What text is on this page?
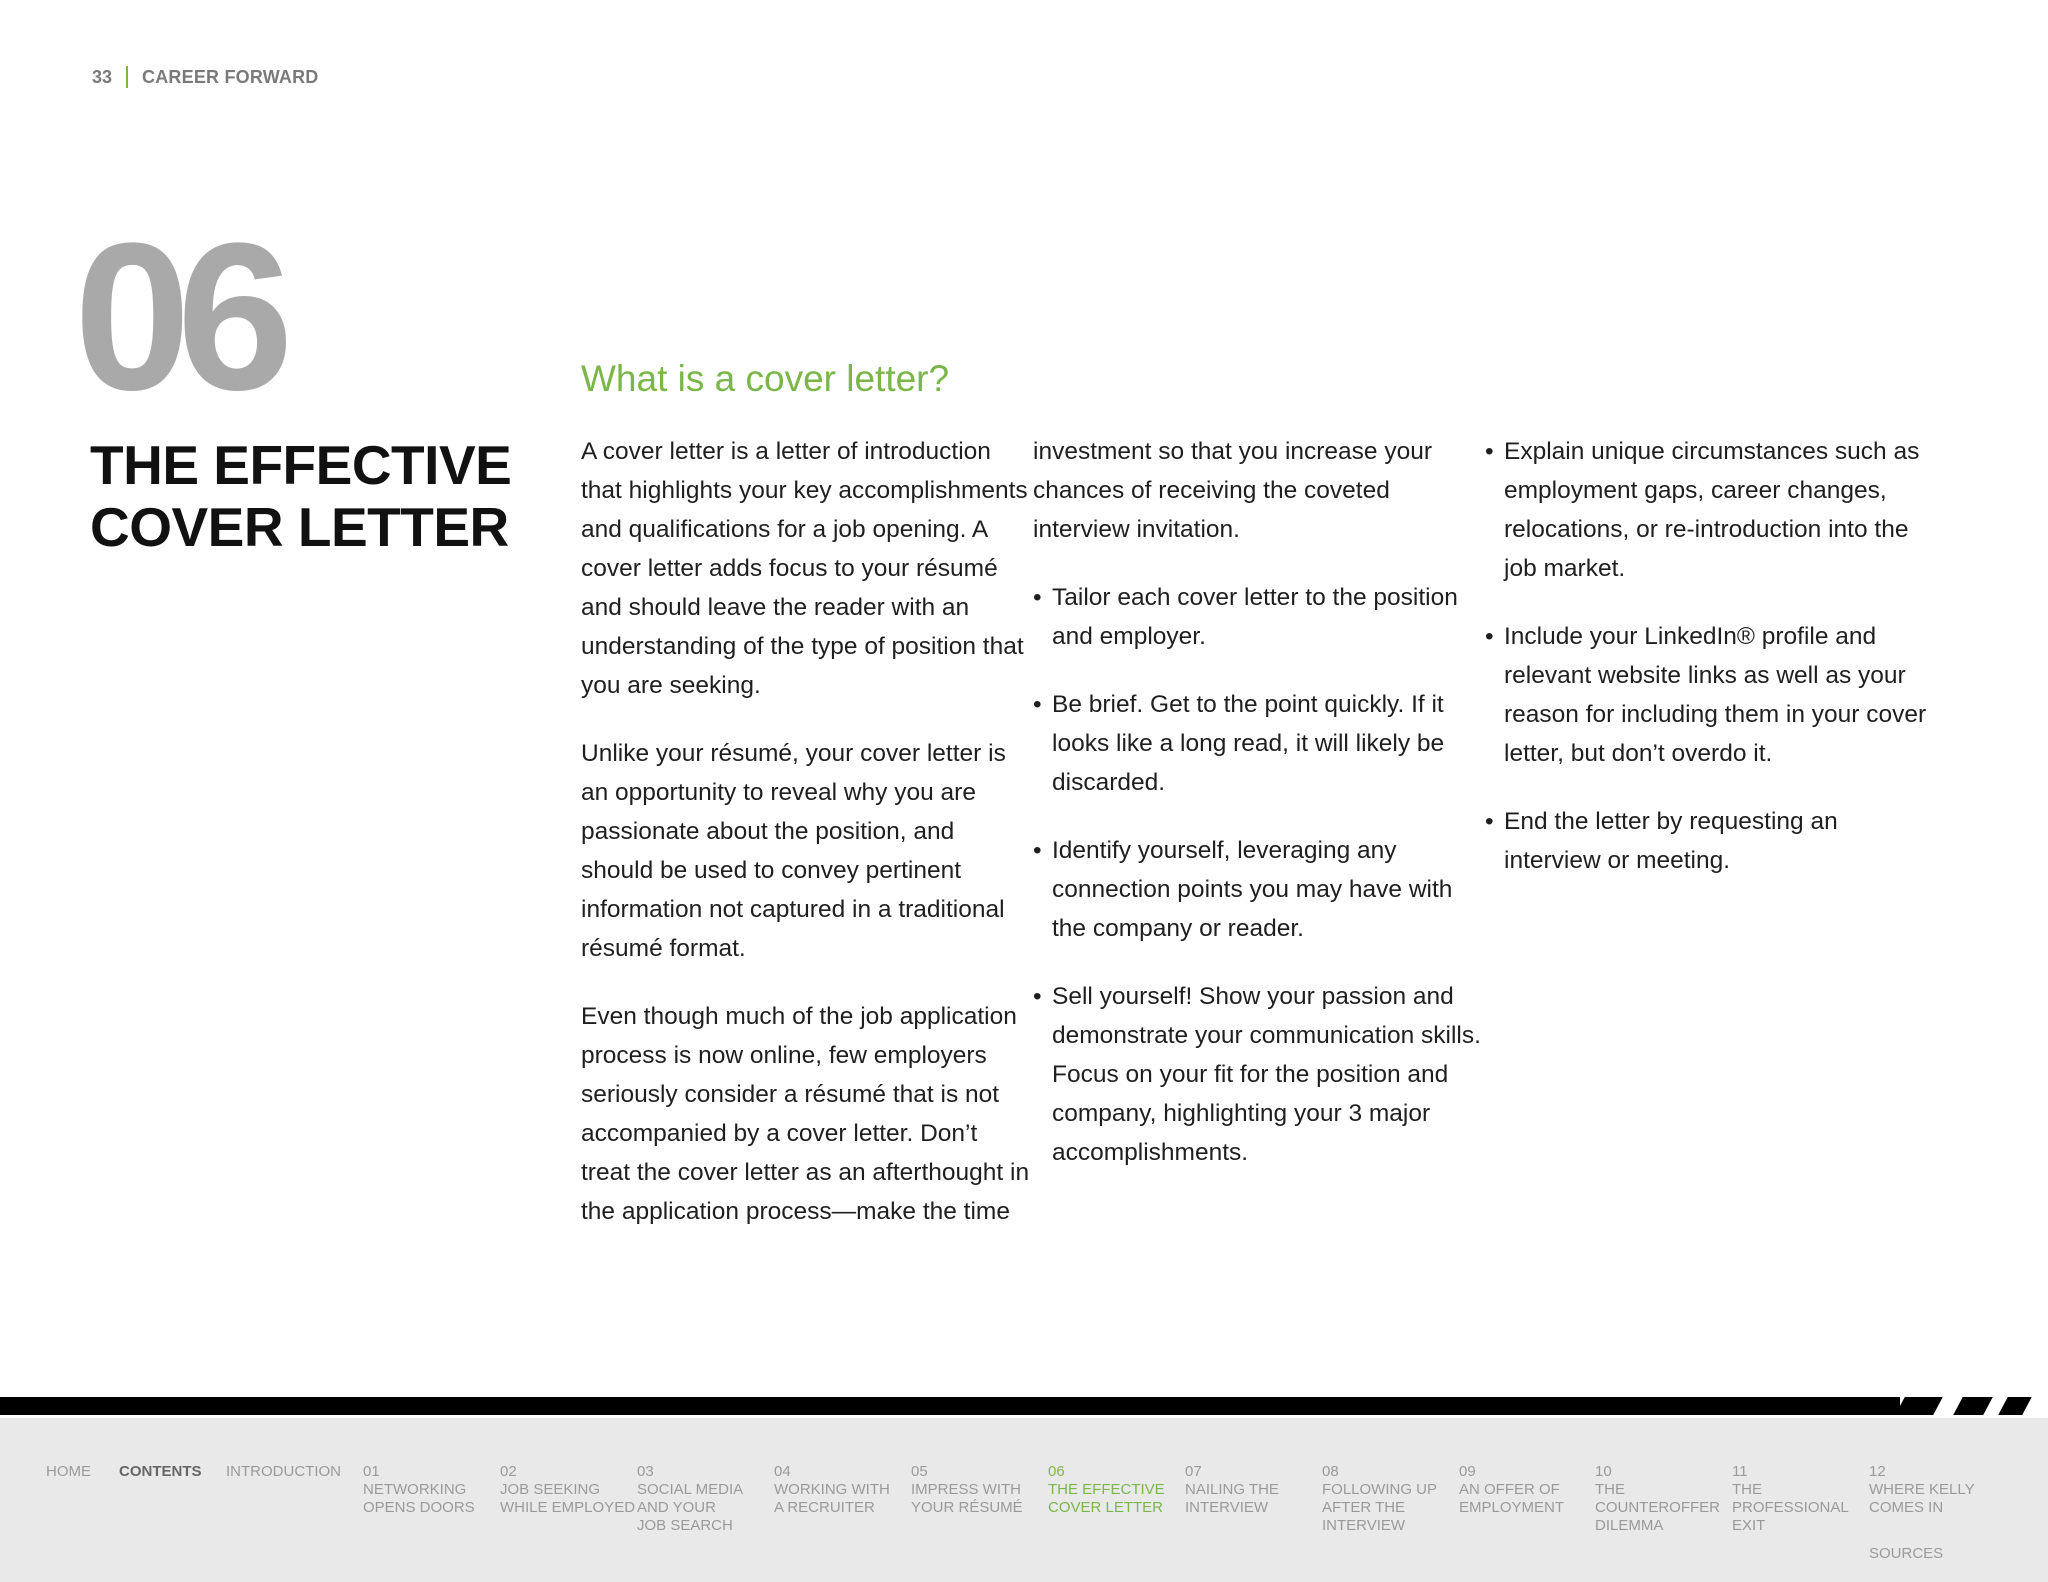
33 CAREER FORWARD
06
THE EFFECTIVE
COVER LETTER
What is a cover letter?

A cover letter is a letter of introduction that highlights your key accomplishments and qualifications for a job opening. A cover letter adds focus to your résumé and should leave the reader with an understanding of the type of position that you are seeking.

Unlike your résumé, your cover letter is an opportunity to reveal why you are passionate about the position, and should be used to convey pertinent information not captured in a traditional résumé format.

Even though much of the job application process is now online, few employers seriously consider a résumé that is not accompanied by a cover letter. Don’t treat the cover letter as an afterthought in the application process—make the time

investment so that you increase your chances of receiving the coveted interview invitation.

• Tailor each cover letter to the position and employer.
• Be brief. Get to the point quickly. If it looks like a long read, it will likely be discarded.
• Identify yourself, leveraging any connection points you may have with the company or reader.
• Sell yourself! Show your passion and demonstrate your communication skills. Focus on your fit for the position and company, highlighting your 3 major accomplishments.
• Explain unique circumstances such as employment gaps, career changes, relocations, or re-introduction into the job market.
• Include your LinkedIn® profile and relevant website links as well as your reason for including them in your cover letter, but don’t overdo it.
• End the letter by requesting an interview or meeting.
HOME CONTENTS INTRODUCTION 01
NETWORKING
OPENS DOORS
02
JOB SEEKING
WHILE EMPLOYED
03
SOCIAL MEDIA
AND YOUR
JOB SEARCH
04
WORKING WITH
A RECRUITER
05
IMPRESS WITH
YOUR RÉSUMÉ
06
THE EFFECTIVE
COVER LETTER
07
NAILING THE
INTERVIEW
08
FOLLOWING UP
AFTER THE
INTERVIEW
09
AN OFFER OF
EMPLOYMENT
10
THE
COUNTEROFFER
DILEMMA
11
THE
PROFESSIONAL
EXIT
12
WHERE KELLY
COMES IN
SOURCES
